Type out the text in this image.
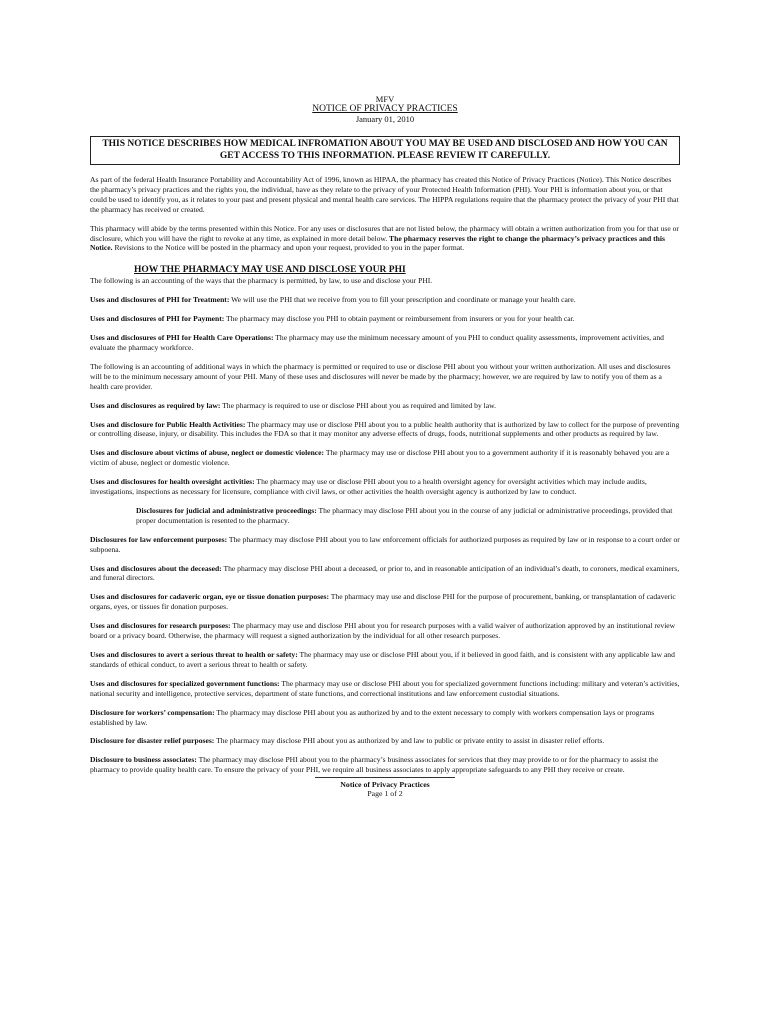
MFV
NOTICE OF PRIVACY PRACTICES
January 01, 2010
THIS NOTICE DESCRIBES HOW MEDICAL INFROMATION ABOUT YOU MAY BE USED AND DISCLOSED AND HOW YOU CAN GET ACCESS TO THIS INFORMATION. PLEASE REVIEW IT CAREFULLY.

As part of the federal Health Insurance Portability and Accountability Act of 1996, known as HIPAA, the pharmacy has created this Notice of Privacy Practices (Notice). This Notice describes the pharmacy’s privacy practices and the rights you, the individual, have as they relate to the privacy of your Protected Health Information (PHI). Your PHI is information about you, or that could be used to identify you, as it relates to your past and present physical and mental health care services. The HIPPA regulations require that the pharmacy protect the privacy of your PHI that the pharmacy has received or created.

This pharmacy will abide by the terms presented within this Notice. For any uses or disclosures that are not listed below, the pharmacy will obtain a written authorization from you for that use or disclosure, which you will have the right to revoke at any time, as explained in more detail below. The pharmacy reserves the right to change the pharmacy’s privacy practices and this Notice. Revisions to the Notice will be posted in the pharmacy and upon your request, provided to you in the paper format.

HOW THE PHARMACY MAY USE AND DISCLOSE YOUR PHI

The following is an accounting of the ways that the pharmacy is permitted, by law, to use and disclose your PHI.

Uses and disclosures of PHI for Treatment: We will use the PHI that we receive from you to fill your prescription and coordinate or manage your health care.

Uses and disclosures of PHI for Payment: The pharmacy may disclose you PHI to obtain payment or reimbursement from insurers or you for your health car.

Uses and disclosures of PHI for Health Care Operations: The pharmacy may use the minimum necessary amount of you PHI to conduct quality assessments, improvement activities, and evaluate the pharmacy workforce.

The following is an accounting of additional ways in which the pharmacy is permitted or required to use or disclose PHI about you without your written authorization. All uses and disclosures will be to the minimum necessary amount of your PHI. Many of these uses and disclosures will never be made by the pharmacy; however, we are required by law to notify you of them as a health care provider.

Uses and disclosures as required by law: The pharmacy is required to use or disclose PHI about you as required and limited by law.

Uses and disclosure for Public Health Activities: The pharmacy may use or disclose PHI about you to a public health authority that is authorized by law to collect for the purpose of preventing or controlling disease, injury, or disability. This includes the FDA so that it may monitor any adverse effects of drugs, foods, nutritional supplements and other products as required by law.

Uses and disclosure about victims of abuse, neglect or domestic violence: The pharmacy may use or disclose PHI about you to a government authority if it is reasonably behaved you are a victim of abuse, neglect or domestic violence.

Uses and disclosures for health oversight activities: The pharmacy may use or disclose PHI about you to a health oversight agency for oversight activities which may include audits, investigations, inspections as necessary for licensure, compliance with civil laws, or other activities the health oversight agency is authorized by law to conduct.

Disclosures for judicial and administrative proceedings: The pharmacy may disclose PHI about you in the course of any judicial or administrative proceedings, provided that proper documentation is resented to the pharmacy.

Disclosures for law enforcement purposes: The pharmacy may disclose PHI about you to law enforcement officials for authorized purposes as required by law or in response to a court order or subpoena.

Uses and disclosures about the deceased: The pharmacy may disclose PHI about a deceased, or prior to, and in reasonable anticipation of an individual’s death, to coroners, medical examiners, and funeral directors.

Uses and disclosures for cadaveric organ, eye or tissue donation purposes: The pharmacy may use and disclose PHI for the purpose of procurement, banking, or transplantation of cadaveric organs, eyes, or tissues fir donation purposes.

Uses and disclosures for research purposes: The pharmacy may use and disclose PHI about you for research purposes with a valid waiver of authorization approved by an institutional review board or a privacy board. Otherwise, the pharmacy will request a signed authorization by the individual for all other research purposes.

Uses and disclosures to avert a serious threat to health or safety: The pharmacy may use or disclose PHI about you, if it believed in good faith, and is consistent with any applicable law and standards of ethical conduct, to avert a serious threat to health or safety.

Uses and disclosures for specialized government functions: The pharmacy may use or disclose PHI about you for specialized government functions including: military and veteran’s activities, national security and intelligence, protective services, department of state functions, and correctional institutions and law enforcement custodial situations.

Disclosure for workers’ compensation: The pharmacy may disclose PHI about you as authorized by and to the extent necessary to comply with workers compensation lays or programs established by law.

Disclosure for disaster relief purposes: The pharmacy may disclose PHI about you as authorized by and law to public or private entity to assist in disaster relief efforts.

Disclosure to business associates: The pharmacy may disclose PHI about you to the pharmacy’s business associates for services that they may provide to or for the pharmacy to assist the pharmacy to provide quality health care. To ensure the privacy of your PHI, we require all business associates to apply appropriate safeguards to any PHI they receive or create.

Notice of Privacy Practices
Page 1 of 2
